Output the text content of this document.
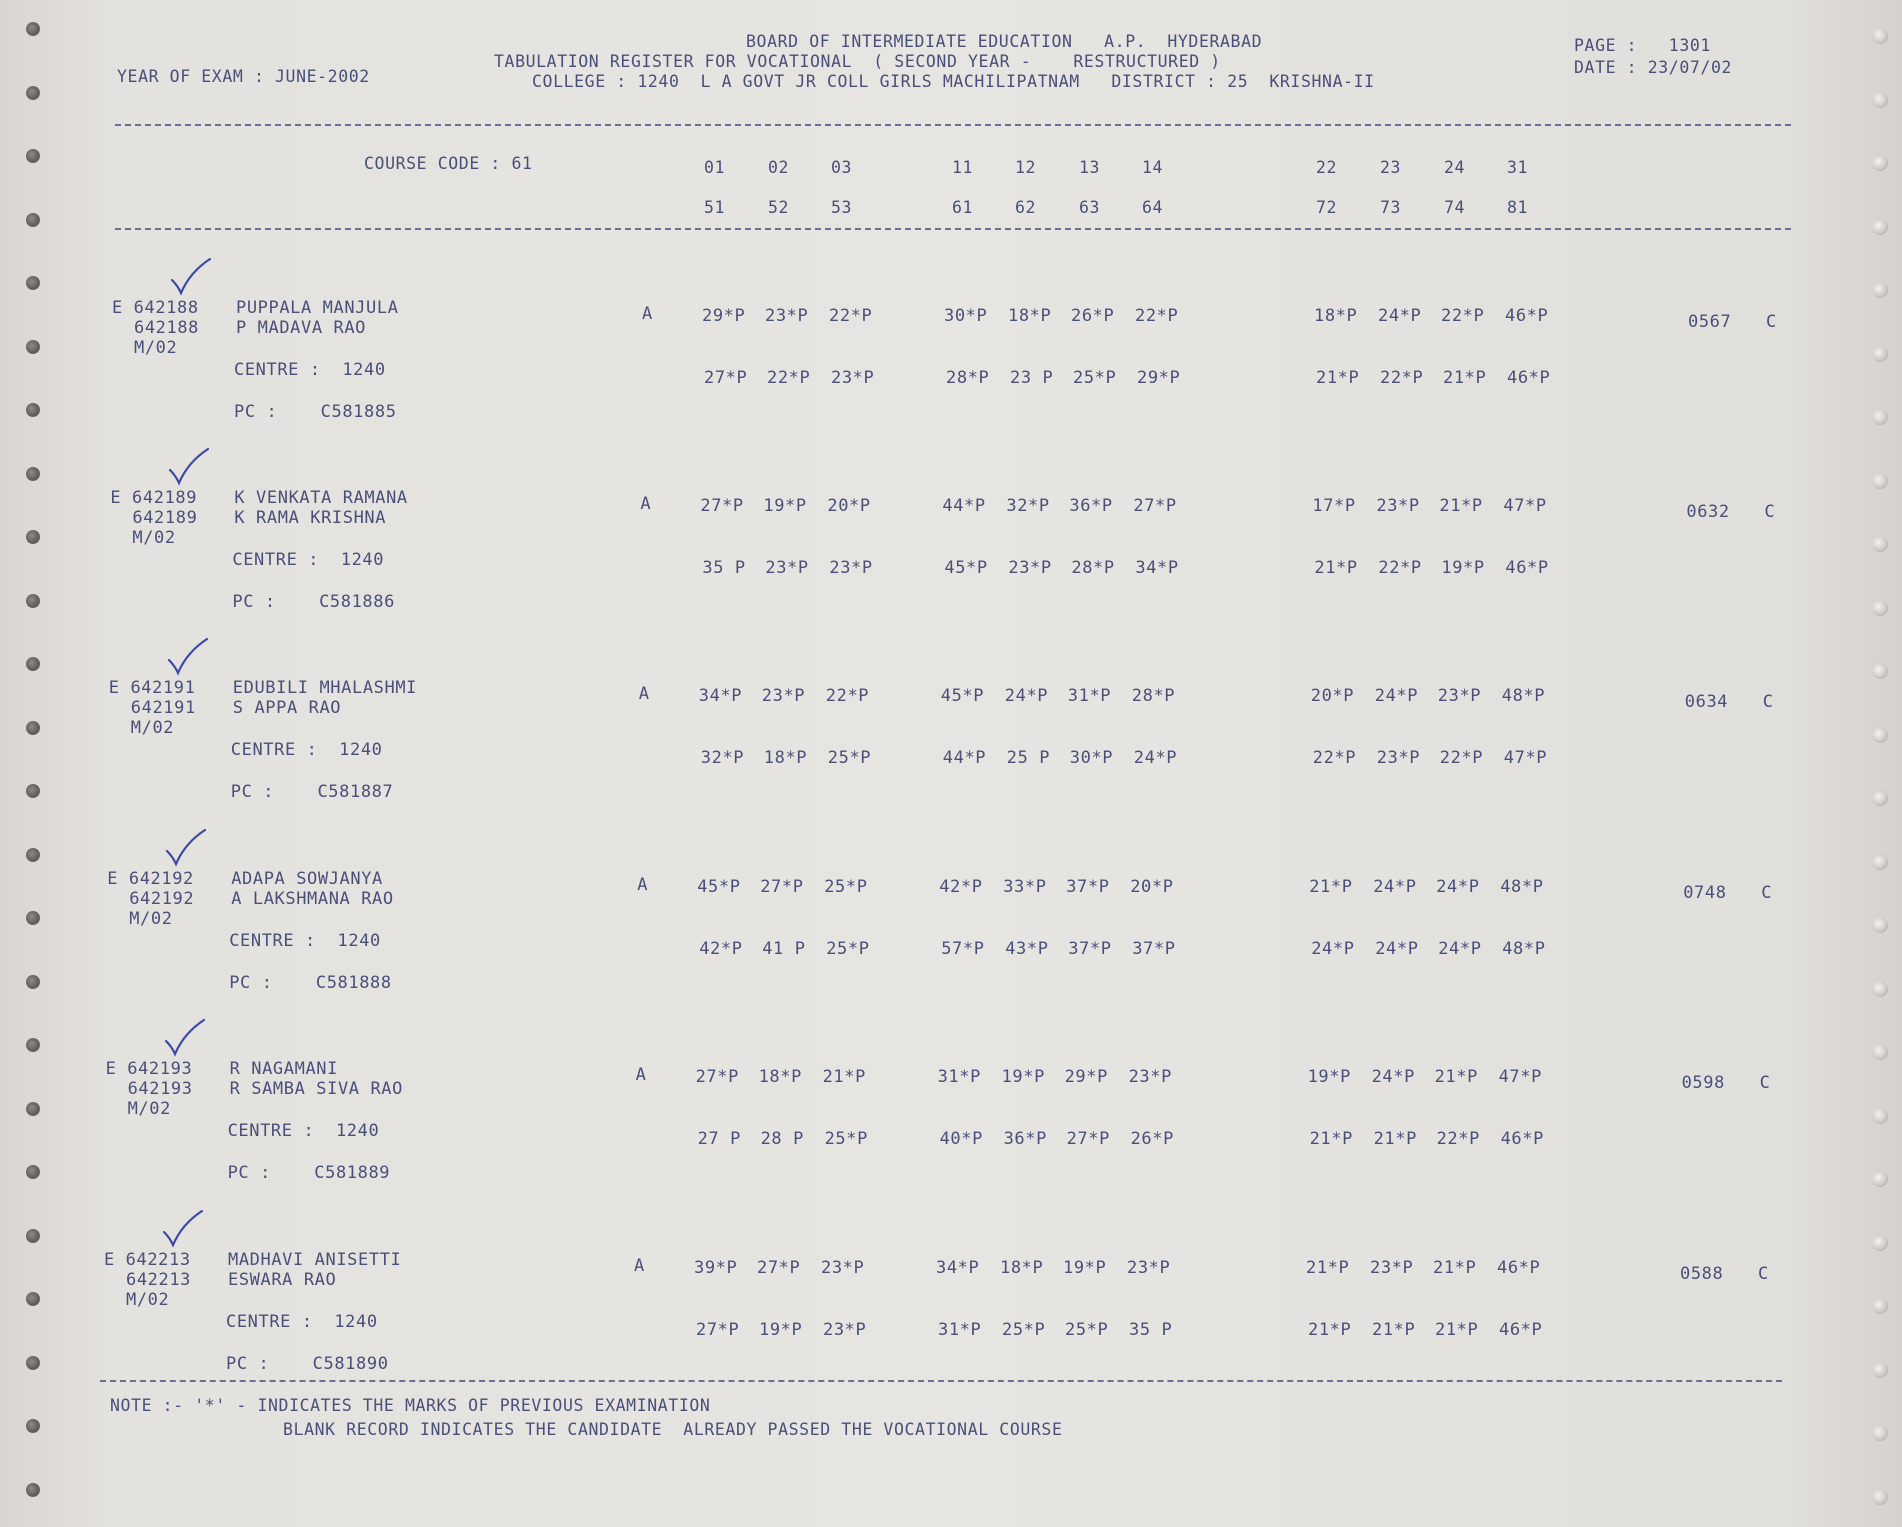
BOARD OF INTERMEDIATE EDUCATION   A.P.  HYDERABAD
TABULATION REGISTER FOR VOCATIONAL  ( SECOND YEAR -    RESTRUCTURED )
COLLEGE : 1240  L A GOVT JR COLL GIRLS MACHILIPATNAM   DISTRICT : 25  KRISHNA-II
YEAR OF EXAM : JUNE-2002
PAGE :   1301
DATE : 23/07/02
COURSE CODE : 61	01	02	03	11	12	13	14	22	23	24	31
51	52	53	61	62	63	64	72	73	74	81
E 642188
642188
M/02
PUPPALA MANJULA
P MADAVA RAO
CENTRE :  1240
PC :    C581885
A	29*P 23*P 22*P	30*P 18*P 26*P 22*P	18*P 24*P 22*P 46*P
27*P 22*P 23*P	28*P 23 P 25*P 29*P	21*P 22*P 21*P 46*P
0567 C
E 642189
642189
M/02
K VENKATA RAMANA
K RAMA KRISHNA
CENTRE :  1240
PC :    C581886
A	27*P 19*P 20*P	44*P 32*P 36*P 27*P	17*P 23*P 21*P 47*P
35 P 23*P 23*P	45*P 23*P 28*P 34*P	21*P 22*P 19*P 46*P
0632 C
E 642191
642191
M/02
EDUBILI MHALASHMI
S APPA RAO
CENTRE :  1240
PC :    C581887
A	34*P 23*P 22*P	45*P 24*P 31*P 28*P	20*P 24*P 23*P 48*P
32*P 18*P 25*P	44*P 25 P 30*P 24*P	22*P 23*P 22*P 47*P
0634 C
E 642192
642192
M/02
ADAPA SOWJANYA
A LAKSHMANA RAO
CENTRE :  1240
PC :    C581888
A	45*P 27*P 25*P	42*P 33*P 37*P 20*P	21*P 24*P 24*P 48*P
42*P 41 P 25*P	57*P 43*P 37*P 37*P	24*P 24*P 24*P 48*P
0748 C
E 642193
642193
M/02
R NAGAMANI
R SAMBA SIVA RAO
CENTRE :  1240
PC :    C581889
A	27*P 18*P 21*P	31*P 19*P 29*P 23*P	19*P 24*P 21*P 47*P
27 P 28 P 25*P	40*P 36*P 27*P 26*P	21*P 21*P 22*P 46*P
0598 C
E 642213
642213
M/02
MADHAVI ANISETTI
ESWARA RAO
CENTRE :  1240
PC :    C581890
A	39*P 27*P 23*P	34*P 18*P 19*P 23*P	21*P 23*P 21*P 46*P
27*P 19*P 23*P	31*P 25*P 25*P 35 P	21*P 21*P 21*P 46*P
0588 C
NOTE :- '*' - INDICATES THE MARKS OF PREVIOUS EXAMINATION
BLANK RECORD INDICATES THE CANDIDATE  ALREADY PASSED THE VOCATIONAL COURSE
